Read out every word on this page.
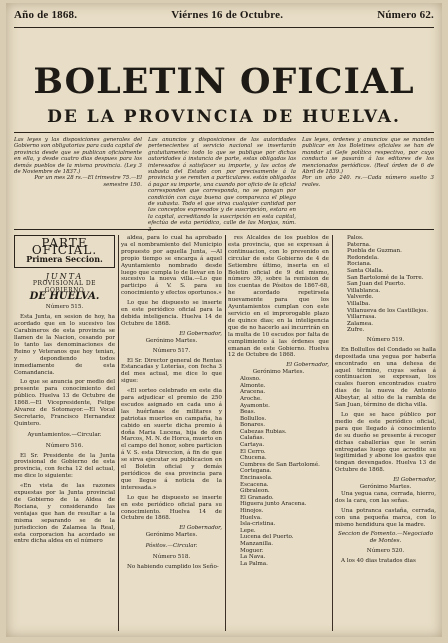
Año de 1868.	Viérnes 16 de Octubre.	Número 62.
BOLETIN OFICIAL
DE LA PROVINCIA DE HUELVA.
Las leyes y las disposiciones generales del Gobierno son obligatorias para cada capital de provincia desde que se publican oficialmente en ella, y desde cuatro dias despues para los demás pueblos de la misma provincia. (Ley 3 de Noviembre de 1837.)
Por un mes 28 rs.—El trimestre 75.—El semestre 150.
Las anuncios y disposiciones de las autoridades pertenecientes al servicio nacional se insertarán gratuitamente: todo lo que se publique por dichas autoridades á instancia de parte, estas obligadas las interesados á satisfacer su importe, y las actos de subasta del Estado con por precisamente á la provincia y se remiten a particulares. están obligados á pagar su importe, una cuando por oficio de la oficial corresponden que corresponda, no se pongan por condición con cuya buena que comparezca el pliego de subasta. Todo el que sirva cualquier cantidad por las conceptos expresados y de suscripción, estara en la capital, acreditando la suscripción en esta capital, efectúa de esta periódico, calle de las Monjas, núm. 3.
Las leyes, órdenes y anuncios que se manden publicar en los Boletines oficiales se han de mandar al Gefe político respectivo, por cuyo conducto se pasarán á las editores de los mencionados periódicos. (Real órden de 6 de Abril de 1839.)
Por un año 240. rs.—Cada número suelto 3 reales.
PARTE OFICIAL.
Primera Seccion.
JUNTA
PROVISIONAL DE GOBIERNO
DE HUELVA.
Número 515.

Esta Junta, en sesion de hoy, ha acordado que en lo sucesivo los Carabineros de esta provincia se llamen de la Nacion, cesando por lo tanto las denominaciones de Reino y Veteranos que hoy tenian, y depondiendo todos inmediamente de esta Comandancia.

Lo que se anuncia por medio del presente para conocimiento del público. Huelva 13 de Octubre de 1868.—El Vicepresidente, Felipe Alvarez de Sotomayor.—El Vocal Secretario, Francisco Hernandez Quintero.

Ayuntamientos.—Circular.
Número 516.

El Sr. Presidente de la Junta provisional de Gobierno de esta provincia, con fecha 12 del actual, me dice lo siguiente:

«En vista de las razones expuestas por la Junta provincial de Gobierno de la Aldea de Rociana, y considerando las ventajas que han de resultar a la misma separando se de la jurisdiccion de Zalamea la Real, esta corporacion ha acordado se entre dicha aldea en el número

aldea, para lo cual ha aprobado ya el nombramiento del Municipio propuesto por aquella Junta, —Al propio tiempo se encarga á aquel Ayuntamiento nombrado desde luego que cumpla lo de llevar en lo sucesivo la nueva villa.—Lo que participo á V. S. para su conocimiento y efectos oportunos.»

Lo que he dispuesto se inserte en este periódico oficial para la debida inteligencia. Huelva 14 de Octubre de 1868.

El Gobernador,
Gerónimo Martes.
Número 517.

El Sr. Director general de Rentas Estancadas y Loterías, con fecha 3 del mes actual, me dice lo que sigue:

«El sorteo celebrado en este dia para adjudicar el premio de 250 escudos asignado en cada uno á las huérfanas de militares y patriotas muertos en campaña, ha cabido en suerte dicha premio á doña Maria Lucena, hija de don Marcos, M. N. de Horca, muerto en el campo del honor, sobre particion á V. S. esta Direccion, á fin de que se sirva ejecutar su publicacion en el Boletin oficial y demás periódicos de esa provincia para que llegue á noticia de la interesada.»

Lo que he dispuesto se inserte en este periódico oficial para su conocimiento. Huelva 14 de Octubre de 1868.

El Gobernador,
Gerónimo Martes.
Pósitos.—Circular.
Número 518.

No habiendo cumplido los Seño-

res Alcaldes de los pueblos de esta provincia, que se expresan á continuacion, con lo prevenido en circular de este Gobierno de 4 de Setiembre último, inserta en el Boletin oficial de 9 del mismo, número 39, sobre la remision de los cuentas de Pósitos de 1867-68, he acordado repetirsela nuevamente para que los Ayuntamientos cumplan con este servicio en el improrogable plazo de quince dias; en la inteligencia que de no hacerlo así incurrirán en la multa de 10 escudos por falta de cumplimiento á las órdenes que emanan de este Gobierno. Huelva 12 de Octubre de 1868.

El Gobernador,
Gerónimo Martes.
Alosno.
Almonte.
Aracena.
Aroche.
Ayamonte.
Beas.
Bollullos.
Bonares.
Cabezas Rubias.
Calañas.
Cartaya.
El Cerro.
Chucena.
Cumbres de San Bartolomé.
Cortegana.
Encinasola.
Escacena.
Gibraleon.
El Granado.
Higuera junto Aracena.
Hinojos.
Huelva.
Isla-cristina.
Lepe.
Lucena del Puerto.
Manzanilla.
Moguer.
La Nava.
La Palma.
Palos.
Paterna.
Puebla de Guzman.
Redondela.
Rociana.
Santa Olalla.
San Bartolomé de la Torre.
San Juan del Puerto.
Villablanca.
Valverde.
Villalba.
Villanueva de los Castillejos.
Villarrasa.
Zalamea.
Zufre.
Número 519.

En Bollullos del Condado se halla depositada una yegua por haberla encontrado en una dehesa de aquel término, cuyas señas á continuacion se expresan, los cuales fueron encontrados cuatro dias de la nueva de Antonio Albeytar, al sitio de la rambla de San Juan, término de dicha villa.

Lo que se hace público por medio de este periódico oficial, para que llegado á conocimiento de su dueño se presente á recoger dichas caballerías que le serán entregadas luego que acredite su legitimidad y abone los gastos que tengan devengados. Huelva 13 de Octubre de 1868.

El Gobernador,
Gerónimo Martes.

Una yegua cana, cerrada, hierro, dos la cara, con las señas.

Una potranca castaña, cerrada, con una pequeña marca, con lo mismo hendidura que la madre.

Seccion de Fomento.—Negociado de Montes.
Número 520.

A los 40 dias tratados dias
